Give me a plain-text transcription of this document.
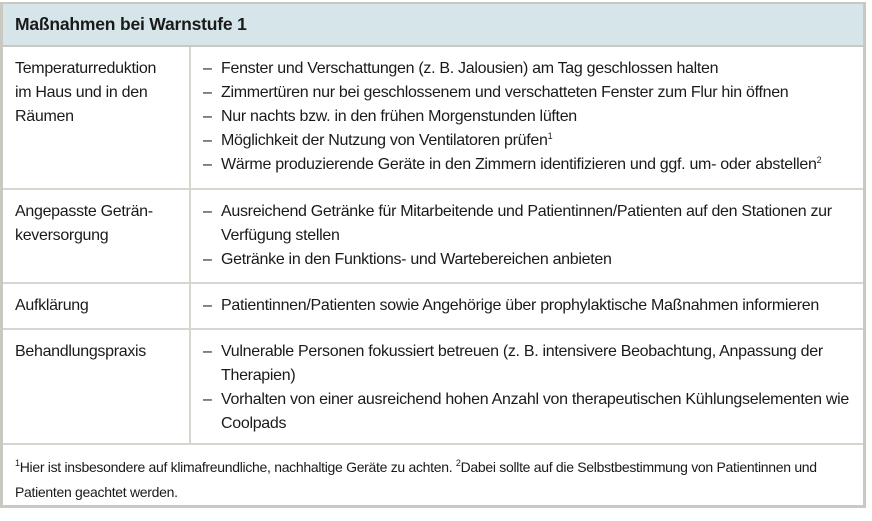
Maßnahmen bei Warnstufe 1
Temperaturreduktion
im Haus und in den
Räumen
– Fenster und Verschattungen (z. B. Jalousien) am Tag geschlossen halten
– Zimmertüren nur bei geschlossenem und verschatteten Fenster zum Flur hin öffnen
– Nur nachts bzw. in den frühen Morgenstunden lüften
– Möglichkeit der Nutzung von Ventilatoren prüfen$^1$
– Wärme produzierende Geräte in den Zimmern identifizieren und ggf. um- oder abstellen$^2$
Angepasste Geträn-
keversorgung
– Ausreichend Getränke für Mitarbeitende und Patientinnen/Patienten auf den Stationen zur Verfügung stellen
– Getränke in den Funktions- und Wartebereichen anbieten
Aufklärung	– Patientinnen/Patienten sowie Angehörige über prophylaktische Maßnahmen informieren
Behandlungspraxis	– Vulnerable Personen fokussiert betreuen (z. B. intensivere Beobachtung, Anpassung der Therapien)
– Vorhalten von einer ausreichend hohen Anzahl von therapeutischen Kühlungselementen wie Coolpads
$^1$Hier ist insbesondere auf klimafreundliche, nachhaltige Geräte zu achten. $^2$Dabei sollte auf die Selbstbestimmung von Patientinnen und Patienten geachtet werden.
